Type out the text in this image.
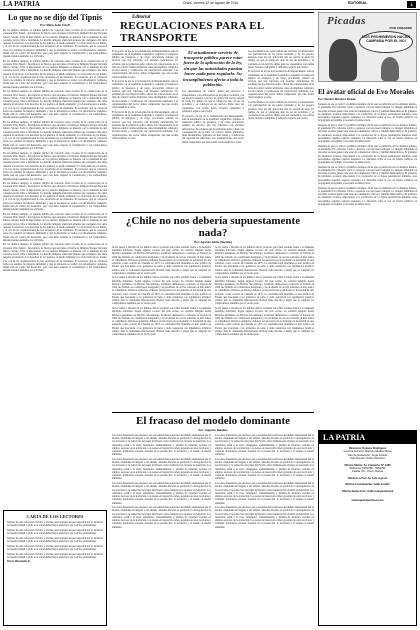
LA PATRIA	Oruro, viernes 12 de agosto de 2011	EDITORIAL	3
Lo que no se dijo del Tipnis
Por: María Julia Coloff

En los últimos tiempos, la opinión pública ha conocido sobre el tema de la construcción de la carretera Villa Tunari - San Ignacio de Moxos que atraviesa el Territorio Indígena Parque Nacional Isiboro Sécure. Toda la importancia de los pueblos indígenas se muestra con la demanda de una consulta previa, libre e informada. La marcha indígena anunciada plantea que cualquier obra debe respetar el territorio. Los derechos de los pueblos, el medio ambiente y la vida están de por medio, y la voz de las organizaciones no fue escuchada en su momento. Es necesario que se conozcan todos los estudios de impacto ambiental y que la discusión se realice con información completa. Nadie está en contra del desarrollo, pero este debe respetar la Constitución y los compromisos internacionales asumidos por el Estado.

En los últimos tiempos, la opinión pública ha conocido sobre el tema de la construcción de la carretera Villa Tunari - San Ignacio de Moxos que atraviesa el Territorio Indígena Parque Nacional Isiboro Sécure. Toda la importancia de los pueblos indígenas se muestra con la demanda de una consulta previa, libre e informada. La marcha indígena anunciada plantea que cualquier obra debe respetar el territorio. Los derechos de los pueblos, el medio ambiente y la vida están de por medio, y la voz de las organizaciones no fue escuchada en su momento. Es necesario que se conozcan todos los estudios de impacto ambiental y que la discusión se realice con información completa. Nadie está en contra del desarrollo, pero este debe respetar la Constitución y los compromisos internacionales asumidos por el Estado.

En los últimos tiempos, la opinión pública ha conocido sobre el tema de la construcción de la carretera Villa Tunari - San Ignacio de Moxos que atraviesa el Territorio Indígena Parque Nacional Isiboro Sécure. Toda la importancia de los pueblos indígenas se muestra con la demanda de una consulta previa, libre e informada. La marcha indígena anunciada plantea que cualquier obra debe respetar el territorio. Los derechos de los pueblos, el medio ambiente y la vida están de por medio, y la voz de las organizaciones no fue escuchada en su momento. Es necesario que se conozcan todos los estudios de impacto ambiental y que la discusión se realice con información completa. Nadie está en contra del desarrollo, pero este debe respetar la Constitución y los compromisos internacionales asumidos por el Estado.

En los últimos tiempos, la opinión pública ha conocido sobre el tema de la construcción de la carretera Villa Tunari - San Ignacio de Moxos que atraviesa el Territorio Indígena Parque Nacional Isiboro Sécure. Toda la importancia de los pueblos indígenas se muestra con la demanda de una consulta previa, libre e informada. La marcha indígena anunciada plantea que cualquier obra debe respetar el territorio. Los derechos de los pueblos, el medio ambiente y la vida están de por medio, y la voz de las organizaciones no fue escuchada en su momento. Es necesario que se conozcan todos los estudios de impacto ambiental y que la discusión se realice con información completa. Nadie está en contra del desarrollo, pero este debe respetar la Constitución y los compromisos internacionales asumidos por el Estado.

En los últimos tiempos, la opinión pública ha conocido sobre el tema de la construcción de la carretera Villa Tunari - San Ignacio de Moxos que atraviesa el Territorio Indígena Parque Nacional Isiboro Sécure. Toda la importancia de los pueblos indígenas se muestra con la demanda de una consulta previa, libre e informada. La marcha indígena anunciada plantea que cualquier obra debe respetar el territorio. Los derechos de los pueblos, el medio ambiente y la vida están de por medio, y la voz de las organizaciones no fue escuchada en su momento. Es necesario que se conozcan todos los estudios de impacto ambiental y que la discusión se realice con información completa. Nadie está en contra del desarrollo, pero este debe respetar la Constitución y los compromisos internacionales asumidos por el Estado.

En los últimos tiempos, la opinión pública ha conocido sobre el tema de la construcción de la carretera Villa Tunari - San Ignacio de Moxos que atraviesa el Territorio Indígena Parque Nacional Isiboro Sécure. Toda la importancia de los pueblos indígenas se muestra con la demanda de una consulta previa, libre e informada. La marcha indígena anunciada plantea que cualquier obra debe respetar el territorio. Los derechos de los pueblos, el medio ambiente y la vida están de por medio, y la voz de las organizaciones no fue escuchada en su momento. Es necesario que se conozcan todos los estudios de impacto ambiental y que la discusión se realice con información completa. Nadie está en contra del desarrollo, pero este debe respetar la Constitución y los compromisos internacionales asumidos por el Estado.

En los últimos tiempos, la opinión pública ha conocido sobre el tema de la construcción de la carretera Villa Tunari - San Ignacio de Moxos que atraviesa el Territorio Indígena Parque Nacional Isiboro Sécure. Toda la importancia de los pueblos indígenas se muestra con la demanda de una consulta previa, libre e informada. La marcha indígena anunciada plantea que cualquier obra debe respetar el territorio. Los derechos de los pueblos, el medio ambiente y la vida están de por medio, y la voz de las organizaciones no fue escuchada en su momento. Es necesario que se conozcan todos los estudios de impacto ambiental y que la discusión se realice con información completa. Nadie está en contra del desarrollo, pero este debe respetar la Constitución y los compromisos internacionales asumidos por el Estado.

En los últimos tiempos, la opinión pública ha conocido sobre el tema de la construcción de la carretera Villa Tunari - San Ignacio de Moxos que atraviesa el Territorio Indígena Parque Nacional Isiboro Sécure. Toda la importancia de los pueblos indígenas se muestra con la demanda de una consulta previa, libre e informada. La marcha indígena anunciada plantea que cualquier obra debe respetar el territorio. Los derechos de los pueblos, el medio ambiente y la vida están de por medio, y la voz de las organizaciones no fue escuchada en su momento. Es necesario que se conozcan todos los estudios de impacto ambiental y que la discusión se realice con información completa. Nadie está en contra del desarrollo, pero este debe respetar la Constitución y los compromisos internacionales asumidos por el Estado.

CARTA DE LOS LECTORES

Señores de esta redacción: Escribo a ustedes para expresar mi preocupación por la situación de nuestra ciudad y pedir a las autoridades mayor atención a los vecinos. Atentamente.

Señores de esta redacción: Escribo a ustedes para expresar mi preocupación por la situación de nuestra ciudad y pedir a las autoridades mayor atención a los vecinos. Atentamente.

Señores de esta redacción: Escribo a ustedes para expresar mi preocupación por la situación de nuestra ciudad y pedir a las autoridades mayor atención a los vecinos. Atentamente.

Señores de esta redacción: Escribo a ustedes para expresar mi preocupación por la situación de nuestra ciudad y pedir a las autoridades mayor atención a los vecinos. Atentamente.

Señores de esta redacción: Escribo a ustedes para expresar mi preocupación por la situación de nuestra ciudad y pedir a las autoridades mayor atención a los vecinos. Atentamente.

Marco Hernández R.

Editorial
REGULACIONES PARA EL TRANSPORTE

El proyecto de ley de la Gobernación del Departamento, aún en tratamiento en la Asamblea Legislativa, regulará el transporte público de pasajeros y de carga, procurando ordenar un servicio que hoy funciona con enormes deficiencias. Es evidente que la población sufre a diario las consecuencias de la falta de control: tarifas arbitrarias, rutas incumplidas, vehículos en mal estado y conductores sin capacitación suficiente. Las organizaciones del sector deben comprender que una norma clara beneficia a todos.

El proyecto de ley de la Gobernación del Departamento, aún en tratamiento en la Asamblea Legislativa, regulará el transporte público de pasajeros y de carga, procurando ordenar un servicio que hoy funciona con enormes deficiencias. Es evidente que la población sufre a diario las consecuencias de la falta de control: tarifas arbitrarias, rutas incumplidas, vehículos en mal estado y conductores sin capacitación suficiente. Las organizaciones del sector deben comprender que una norma clara beneficia a todos.

El proyecto de ley de la Gobernación del Departamento, aún en tratamiento en la Asamblea Legislativa, regulará el transporte público de pasajeros y de carga, procurando ordenar un servicio que hoy funciona con enormes deficiencias. Es evidente que la población sufre a diario las consecuencias de la falta de control: tarifas arbitrarias, rutas incumplidas, vehículos en mal estado y conductores sin capacitación suficiente. Las organizaciones del sector deben comprender que una norma clara beneficia a todos.

El actualmente servicio de transporte público parece estar fuera de la aplicación de la ley, sin que las autoridades puedan hacer nada para regularlo. Su incumplimiento afecta a toda la población.

Los mecanismos de control deben ser efectivos y transparentes, con participación de las juntas vecinales y de los propios usuarios. Una ley sin aplicación real no servirá de nada. Es tiempo de que el transporte deje de ser un problema y se convierta en un servicio digno para los ciudadanos, con tarifas justas, horarios cumplidos y vehículos seguros para todos.

El proyecto de ley de la Gobernación del Departamento, aún en tratamiento en la Asamblea Legislativa, regulará el transporte público de pasajeros y de carga, procurando ordenar un servicio que hoy funciona con enormes deficiencias. Es evidente que la población sufre a diario las consecuencias de la falta de control: tarifas arbitrarias, rutas incumplidas, vehículos en mal estado y conductores sin capacitación suficiente. Las organizaciones del sector deben comprender que una norma clara beneficia a todos.

Los mecanismos de control deben ser efectivos y transparentes, con participación de las juntas vecinales y de los propios usuarios. Una ley sin aplicación real no servirá de nada. Es tiempo de que el transporte deje de ser un problema y se convierta en un servicio digno para los ciudadanos, con tarifas justas, horarios cumplidos y vehículos seguros para todos.

El proyecto de ley de la Gobernación del Departamento, aún en tratamiento en la Asamblea Legislativa, regulará el transporte público de pasajeros y de carga, procurando ordenar un servicio que hoy funciona con enormes deficiencias. Es evidente que la población sufre a diario las consecuencias de la falta de control: tarifas arbitrarias, rutas incumplidas, vehículos en mal estado y conductores sin capacitación suficiente. Las organizaciones del sector deben comprender que una norma clara beneficia a todos.

Los mecanismos de control deben ser efectivos y transparentes, con participación de las juntas vecinales y de los propios usuarios. Una ley sin aplicación real no servirá de nada. Es tiempo de que el transporte deje de ser un problema y se convierta en un servicio digno para los ciudadanos, con tarifas justas, horarios cumplidos y vehículos seguros para todos.

Picadas
POR COBARDE
NOS PROHIBIERON HACER CAMPAÑA POR EL NO!
El avatar oficial de Evo Morales
Por: Ramiro Martinez Boada

Después de que se retiró la polémica estampa oficial que se publicaba en los distintos medios, el presidente Evo Morales volvió a aparecer con una nueva imagen. La imagen difundida en las redes sociales generó una serie de comentarios críticos y también humorísticos. El gobierno ha destinado recursos importantes a la promoción de la figura presidencial mientras otras necesidades urgentes esperan respuesta. La discusión sobre el uso de fondos públicos en propaganda es legítima y necesaria en democracia.

Después de que se retiró la polémica estampa oficial que se publicaba en los distintos medios, el presidente Evo Morales volvió a aparecer con una nueva imagen. La imagen difundida en las redes sociales generó una serie de comentarios críticos y también humorísticos. El gobierno ha destinado recursos importantes a la promoción de la figura presidencial mientras otras necesidades urgentes esperan respuesta. La discusión sobre el uso de fondos públicos en propaganda es legítima y necesaria en democracia.

Después de que se retiró la polémica estampa oficial que se publicaba en los distintos medios, el presidente Evo Morales volvió a aparecer con una nueva imagen. La imagen difundida en las redes sociales generó una serie de comentarios críticos y también humorísticos. El gobierno ha destinado recursos importantes a la promoción de la figura presidencial mientras otras necesidades urgentes esperan respuesta. La discusión sobre el uso de fondos públicos en propaganda es legítima y necesaria en democracia.

Después de que se retiró la polémica estampa oficial que se publicaba en los distintos medios, el presidente Evo Morales volvió a aparecer con una nueva imagen. La imagen difundida en las redes sociales generó una serie de comentarios críticos y también humorísticos. El gobierno ha destinado recursos importantes a la promoción de la figura presidencial mientras otras necesidades urgentes esperan respuesta. La discusión sobre el uso de fondos públicos en propaganda es legítima y necesaria en democracia.

Después de que se retiró la polémica estampa oficial que se publicaba en los distintos medios, el presidente Evo Morales volvió a aparecer con una nueva imagen. La imagen difundida en las redes sociales generó una serie de comentarios críticos y también humorísticos. El gobierno ha destinado recursos importantes a la promoción de la figura presidencial mientras otras necesidades urgentes esperan respuesta. La discusión sobre el uso de fondos públicos en propaganda es legítima y necesaria en democracia.

¿Chile no nos debería supuestamente nada?
Por: Agustín Abilio (Sacaba)

Se ha vuelto a discutir en los últimos días la posición que Chile sostiene frente a la demanda marítima boliviana. Según algunos voceros del país vecino, no existiría ninguna deuda histórica pendiente con Bolivia. Sin embargo, la historia demuestra lo contrario: el Tratado de 1904 fue firmado en condiciones desiguales y las promesas de acceso soberano al mar nunca se cumplieron. Diversos gobiernos chilenos reconocieron en su momento la necesidad de una solución, como ocurrió en Charaña en 1975. La reivindicación marítima es una política de Estado que trasciende a los gobiernos de turno y debe sostenerse con argumentos jurídicos sólidos ante la comunidad internacional. Bolivia tiene derecho a exigir que se cumplan los compromisos asumidos por el vecino país.

Se ha vuelto a discutir en los últimos días la posición que Chile sostiene frente a la demanda marítima boliviana. Según algunos voceros del país vecino, no existiría ninguna deuda histórica pendiente con Bolivia. Sin embargo, la historia demuestra lo contrario: el Tratado de 1904 fue firmado en condiciones desiguales y las promesas de acceso soberano al mar nunca se cumplieron. Diversos gobiernos chilenos reconocieron en su momento la necesidad de una solución, como ocurrió en Charaña en 1975. La reivindicación marítima es una política de Estado que trasciende a los gobiernos de turno y debe sostenerse con argumentos jurídicos sólidos ante la comunidad internacional. Bolivia tiene derecho a exigir que se cumplan los compromisos asumidos por el vecino país.

Se ha vuelto a discutir en los últimos días la posición que Chile sostiene frente a la demanda marítima boliviana. Según algunos voceros del país vecino, no existiría ninguna deuda histórica pendiente con Bolivia. Sin embargo, la historia demuestra lo contrario: el Tratado de 1904 fue firmado en condiciones desiguales y las promesas de acceso soberano al mar nunca se cumplieron. Diversos gobiernos chilenos reconocieron en su momento la necesidad de una solución, como ocurrió en Charaña en 1975. La reivindicación marítima es una política de Estado que trasciende a los gobiernos de turno y debe sostenerse con argumentos jurídicos sólidos ante la comunidad internacional. Bolivia tiene derecho a exigir que se cumplan los compromisos asumidos por el vecino país.

Se ha vuelto a discutir en los últimos días la posición que Chile sostiene frente a la demanda marítima boliviana. Según algunos voceros del país vecino, no existiría ninguna deuda histórica pendiente con Bolivia. Sin embargo, la historia demuestra lo contrario: el Tratado de 1904 fue firmado en condiciones desiguales y las promesas de acceso soberano al mar nunca se cumplieron. Diversos gobiernos chilenos reconocieron en su momento la necesidad de una solución, como ocurrió en Charaña en 1975. La reivindicación marítima es una política de Estado que trasciende a los gobiernos de turno y debe sostenerse con argumentos jurídicos sólidos ante la comunidad internacional. Bolivia tiene derecho a exigir que se cumplan los compromisos asumidos por el vecino país.

Se ha vuelto a discutir en los últimos días la posición que Chile sostiene frente a la demanda marítima boliviana. Según algunos voceros del país vecino, no existiría ninguna deuda histórica pendiente con Bolivia. Sin embargo, la historia demuestra lo contrario: el Tratado de 1904 fue firmado en condiciones desiguales y las promesas de acceso soberano al mar nunca se cumplieron. Diversos gobiernos chilenos reconocieron en su momento la necesidad de una solución, como ocurrió en Charaña en 1975. La reivindicación marítima es una política de Estado que trasciende a los gobiernos de turno y debe sostenerse con argumentos jurídicos sólidos ante la comunidad internacional. Bolivia tiene derecho a exigir que se cumplan los compromisos asumidos por el vecino país.

Se ha vuelto a discutir en los últimos días la posición que Chile sostiene frente a la demanda marítima boliviana. Según algunos voceros del país vecino, no existiría ninguna deuda histórica pendiente con Bolivia. Sin embargo, la historia demuestra lo contrario: el Tratado de 1904 fue firmado en condiciones desiguales y las promesas de acceso soberano al mar nunca se cumplieron. Diversos gobiernos chilenos reconocieron en su momento la necesidad de una solución, como ocurrió en Charaña en 1975. La reivindicación marítima es una política de Estado que trasciende a los gobiernos de turno y debe sostenerse con argumentos jurídicos sólidos ante la comunidad internacional. Bolivia tiene derecho a exigir que se cumplan los compromisos asumidos por el vecino país.

El fracaso del modelo dominante
Por: Augusto Batallas

Las crisis financieras que afectan a las economías más poderosas del mundo demuestran que el modelo dominante ha llegado a sus límites. Durante décadas se promovió la desregulación de los mercados y la reducción del papel del Estado como fórmula para alcanzar el desarrollo. Los resultados están a la vista: desempleo, endeudamiento y pérdida de derechos sociales en amplios sectores de la población. Los países en desarrollo deben aprender de estas lecciones y construir alternativas propias, basadas en la producción, la inclusión y el respeto al medio ambiente.

Las crisis financieras que afectan a las economías más poderosas del mundo demuestran que el modelo dominante ha llegado a sus límites. Durante décadas se promovió la desregulación de los mercados y la reducción del papel del Estado como fórmula para alcanzar el desarrollo. Los resultados están a la vista: desempleo, endeudamiento y pérdida de derechos sociales en amplios sectores de la población. Los países en desarrollo deben aprender de estas lecciones y construir alternativas propias, basadas en la producción, la inclusión y el respeto al medio ambiente.

Las crisis financieras que afectan a las economías más poderosas del mundo demuestran que el modelo dominante ha llegado a sus límites. Durante décadas se promovió la desregulación de los mercados y la reducción del papel del Estado como fórmula para alcanzar el desarrollo. Los resultados están a la vista: desempleo, endeudamiento y pérdida de derechos sociales en amplios sectores de la población. Los países en desarrollo deben aprender de estas lecciones y construir alternativas propias, basadas en la producción, la inclusión y el respeto al medio ambiente.

Las crisis financieras que afectan a las economías más poderosas del mundo demuestran que el modelo dominante ha llegado a sus límites. Durante décadas se promovió la desregulación de los mercados y la reducción del papel del Estado como fórmula para alcanzar el desarrollo. Los resultados están a la vista: desempleo, endeudamiento y pérdida de derechos sociales en amplios sectores de la población. Los países en desarrollo deben aprender de estas lecciones y construir alternativas propias, basadas en la producción, la inclusión y el respeto al medio ambiente.

Las crisis financieras que afectan a las economías más poderosas del mundo demuestran que el modelo dominante ha llegado a sus límites. Durante décadas se promovió la desregulación de los mercados y la reducción del papel del Estado como fórmula para alcanzar el desarrollo. Los resultados están a la vista: desempleo, endeudamiento y pérdida de derechos sociales en amplios sectores de la población. Los países en desarrollo deben aprender de estas lecciones y construir alternativas propias, basadas en la producción, la inclusión y el respeto al medio ambiente.

Las crisis financieras que afectan a las economías más poderosas del mundo demuestran que el modelo dominante ha llegado a sus límites. Durante décadas se promovió la desregulación de los mercados y la reducción del papel del Estado como fórmula para alcanzar el desarrollo. Los resultados están a la vista: desempleo, endeudamiento y pérdida de derechos sociales en amplios sectores de la población. Los países en desarrollo deben aprender de estas lecciones y construir alternativas propias, basadas en la producción, la inclusión y el respeto al medio ambiente.

Las crisis financieras que afectan a las economías más poderosas del mundo demuestran que el modelo dominante ha llegado a sus límites. Durante décadas se promovió la desregulación de los mercados y la reducción del papel del Estado como fórmula para alcanzar el desarrollo. Los resultados están a la vista: desempleo, endeudamiento y pérdida de derechos sociales en amplios sectores de la población. Los países en desarrollo deben aprender de estas lecciones y construir alternativas propias, basadas en la producción, la inclusión y el respeto al medio ambiente.

Las crisis financieras que afectan a las economías más poderosas del mundo demuestran que el modelo dominante ha llegado a sus límites. Durante décadas se promovió la desregulación de los mercados y la reducción del papel del Estado como fórmula para alcanzar el desarrollo. Los resultados están a la vista: desempleo, endeudamiento y pérdida de derechos sociales en amplios sectores de la población. Los países en desarrollo deben aprender de estas lecciones y construir alternativas propias, basadas en la producción, la inclusión y el respeto al medio ambiente.

LA PATRIA
Directora: Dolores Rodríguez
Gerente General: Marcelo Miralles Bova
Jefe de Redacción: Jorge Laredo
Sub Director: Pedro Sanchez
Oficina Matriz: Av. Camacho Nº 1480
Teléfonos: 5250780 - 5250701
Casilla: 88 - Oruro, Bolivia
Oficina La Paz: Av. 6 de Agosto
Oficina Cochabamba: Calle Jordán
Oficina Santa Cruz: Calle Independencia
www.lapatriaenlinea.com
